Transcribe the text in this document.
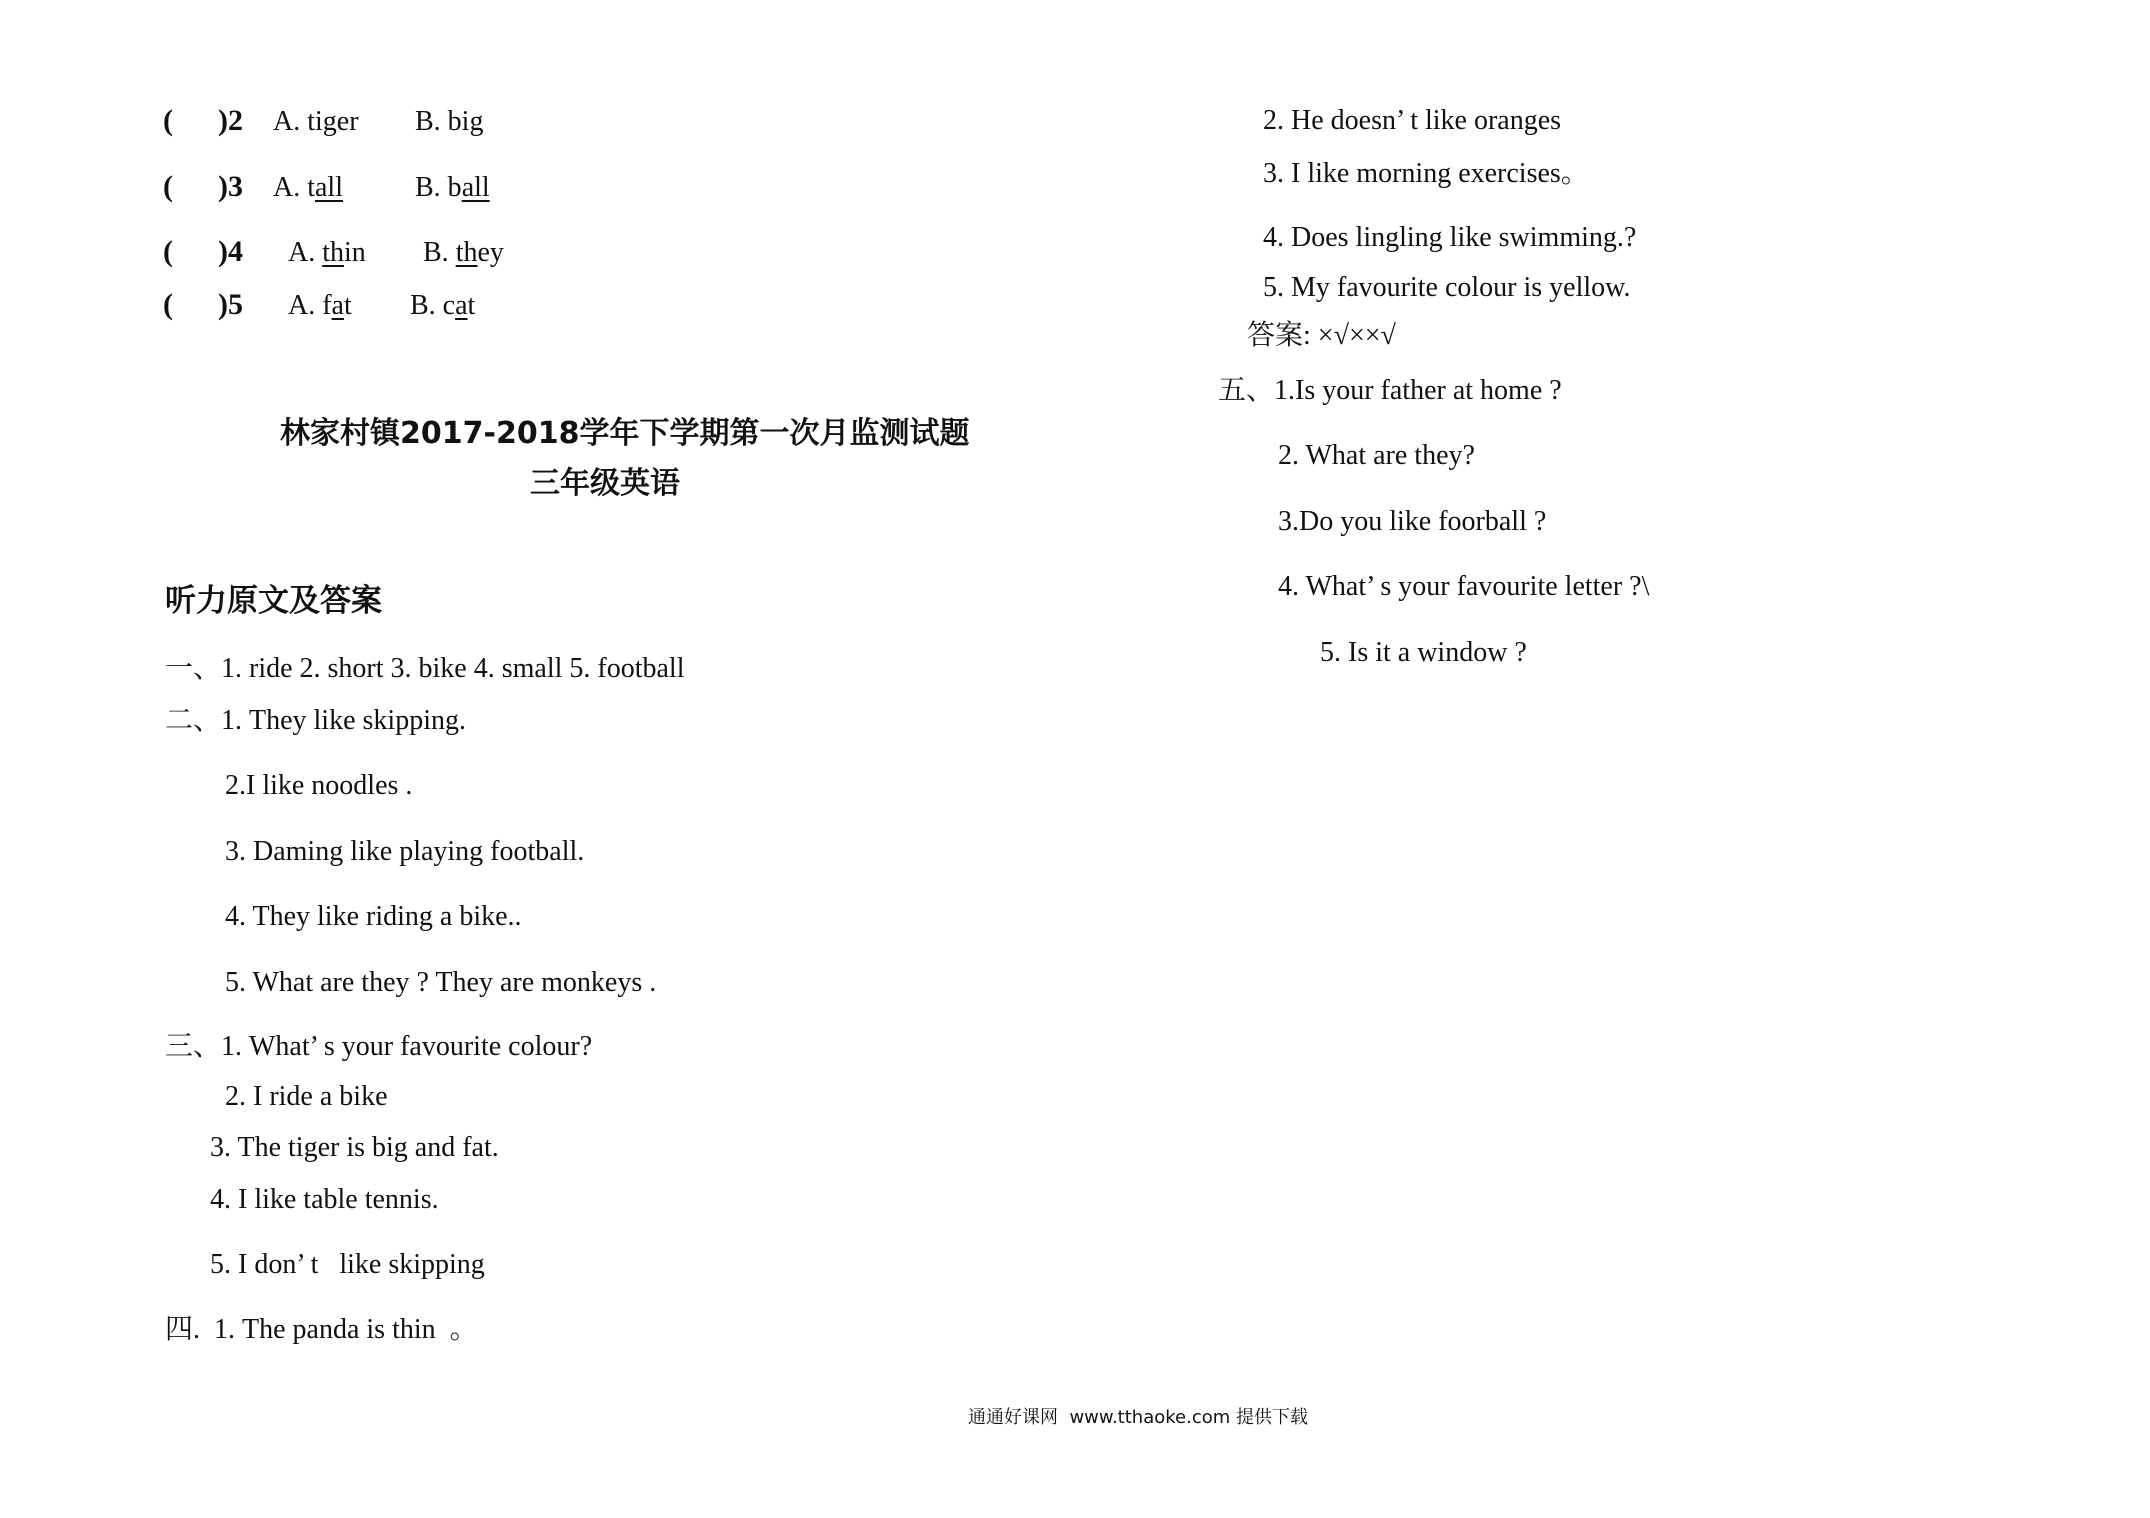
( )2 A. tiger B. big
( )3 A. tall	B. ball
( )4 A. thin B. they
( )5 A. fat B. cat
林家村镇2017-2018学年下学期第一次月监测试题
三年级英语
听力原文及答案
一、1. ride 2. short 3. bike 4. small 5. football
二、1. They like skipping.
2.I like noodles .
3. Daming like playing football.
4. They like riding a bike..
5. What are they ? They are monkeys .
三、1. What’ s your favourite colour?
2. I ride a bike
3. The tiger is big and fat.
4. I like table tennis.
5. I don’ t   like skipping
四.  1. The panda is thin  。
2. He doesn’ t like oranges
3. I like morning exercises。
4. Does lingling like swimming.?
5. My favourite colour is yellow.
答案: ×√××√
五、1.Is your father at home ?
2. What are they?
3.Do you like foorball ?
4. What’ s your favourite letter ?\
5. Is it a window ?
通通好课网  www.tthaoke.com 提供下载
